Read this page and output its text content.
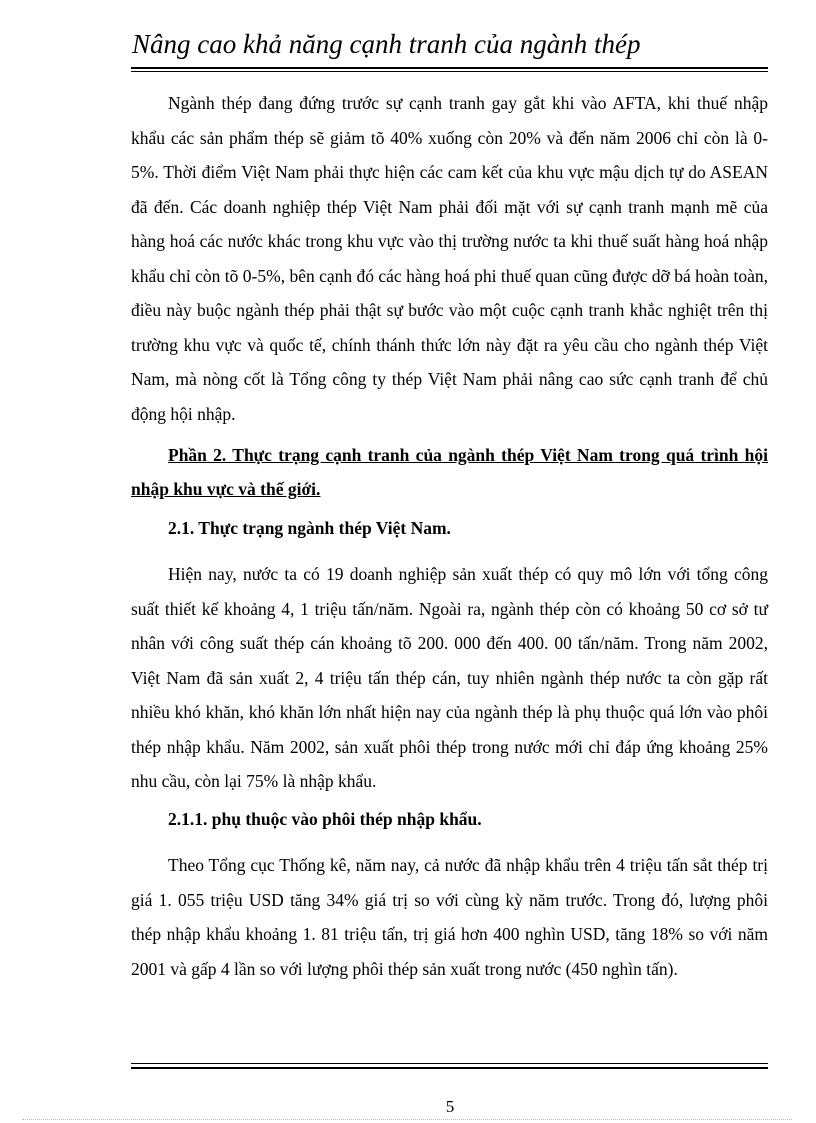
Nâng cao khả năng cạnh tranh của ngành thép

Ngành thép đang đứng trước sự cạnh tranh gay gắt khi vào AFTA, khi thuế nhập khẩu các sản phẩm thép sẽ giảm tõ 40% xuống còn 20% và đến năm 2006 chỉ còn là 0-5%. Thời điểm Việt Nam phải thực hiện các cam kết của khu vực mậu dịch tự do ASEAN đã đến. Các doanh nghiệp thép Việt Nam phải đối mặt với sự cạnh tranh mạnh mẽ của hàng hoá các nước khác trong khu vực vào thị trường nước ta khi thuế suất hàng hoá nhập khẩu chỉ còn tõ 0-5%, bên cạnh đó các hàng hoá phi thuế quan cũng được dỡ bá hoàn toàn, điều này buộc ngành thép phải thật sự bước vào một cuộc cạnh tranh khắc nghiệt trên thị trường khu vực và quốc tế, chính thánh thức lớn này đặt ra yêu cầu cho ngành thép Việt Nam, mà nòng cốt là Tổng công ty thép Việt Nam phải nâng cao sức cạnh tranh để chủ động hội nhập.

Phần 2. Thực trạng cạnh tranh của ngành thép Việt Nam trong quá trình hội nhập khu vực và thế giới.

2.1. Thực trạng ngành thép Việt Nam.

Hiện nay, nước ta có 19 doanh nghiệp sản xuất thép có quy mô lớn với tổng công suất thiết kế khoảng 4, 1 triệu tấn/năm. Ngoài ra, ngành thép còn có khoảng 50 cơ sở tư nhân với công suất thép cán khoảng tõ 200. 000 đến 400. 00 tấn/năm. Trong năm 2002, Việt Nam đã sản xuất 2, 4 triệu tấn thép cán, tuy nhiên ngành thép nước ta còn gặp rất nhiều khó khăn, khó khăn lớn nhất hiện nay của ngành thép là phụ thuộc quá lớn vào phôi thép nhập khẩu. Năm 2002, sản xuất phôi thép trong nước mới chỉ đáp ứng khoảng 25% nhu cầu, còn lại 75% là nhập khẩu.

2.1.1. phụ thuộc vào phôi thép nhập khẩu.

Theo Tổng cục Thống kê, năm nay, cả nước đã nhập khẩu trên 4 triệu tấn sắt thép trị giá 1. 055 triệu USD tăng 34% giá trị so với cùng kỳ năm trước. Trong đó, lượng phôi thép nhập khẩu khoảng 1. 81 triệu tấn, trị giá hơn 400 nghìn USD, tăng 18% so với năm 2001 và gấp 4 lần so với lượng phôi thép sản xuất trong nước (450 nghìn tấn).

5
